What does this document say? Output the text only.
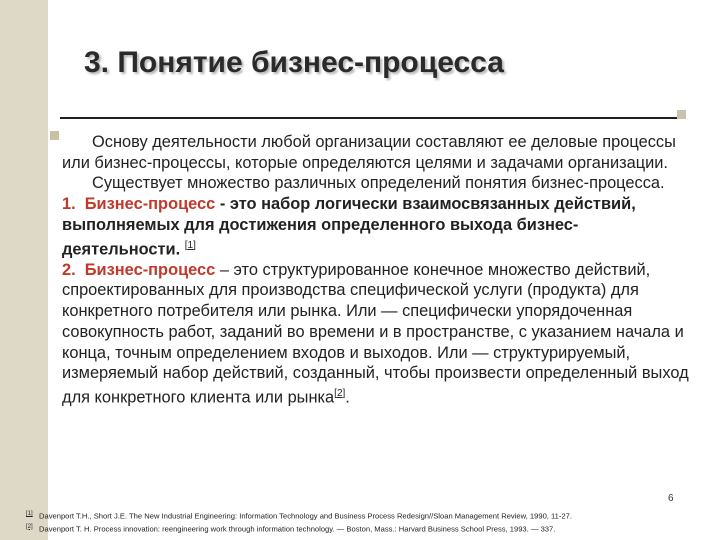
3. Понятие бизнес-процесса

Основу деятельности любой организации составляют ее деловые процессы или бизнес-процессы, которые определяются целями и задачами организации.

Существует множество различных определений понятия бизнес-процесса.

1. Бизнес-процесс - это набор логически взаимосвязанных действий, выполняемых для достижения определенного выхода бизнес-деятельности. [1]

2. Бизнес-процесс – это структурированное конечное множество действий, спроектированных для производства специфической услуги (продукта) для конкретного потребителя или рынка. Или — специфически упорядоченная совокупность работ, заданий во времени и в пространстве, с указанием начала и конца, точным определением входов и выходов. Или — структурируемый, измеряемый набор действий, созданный, чтобы произвести определенный выход для конкретного клиента или рынка[2].

6
[1] Davenport T.H., Short J.E. The New Industrial Engineering: Information Technology and Business Process Redesign//Sloan Management Review, 1990, 11-27.
[2] Davenport T. H. Process innovation: reengineering work through information technology. — Boston, Mass.: Harvard Business School Press, 1993. — 337.
